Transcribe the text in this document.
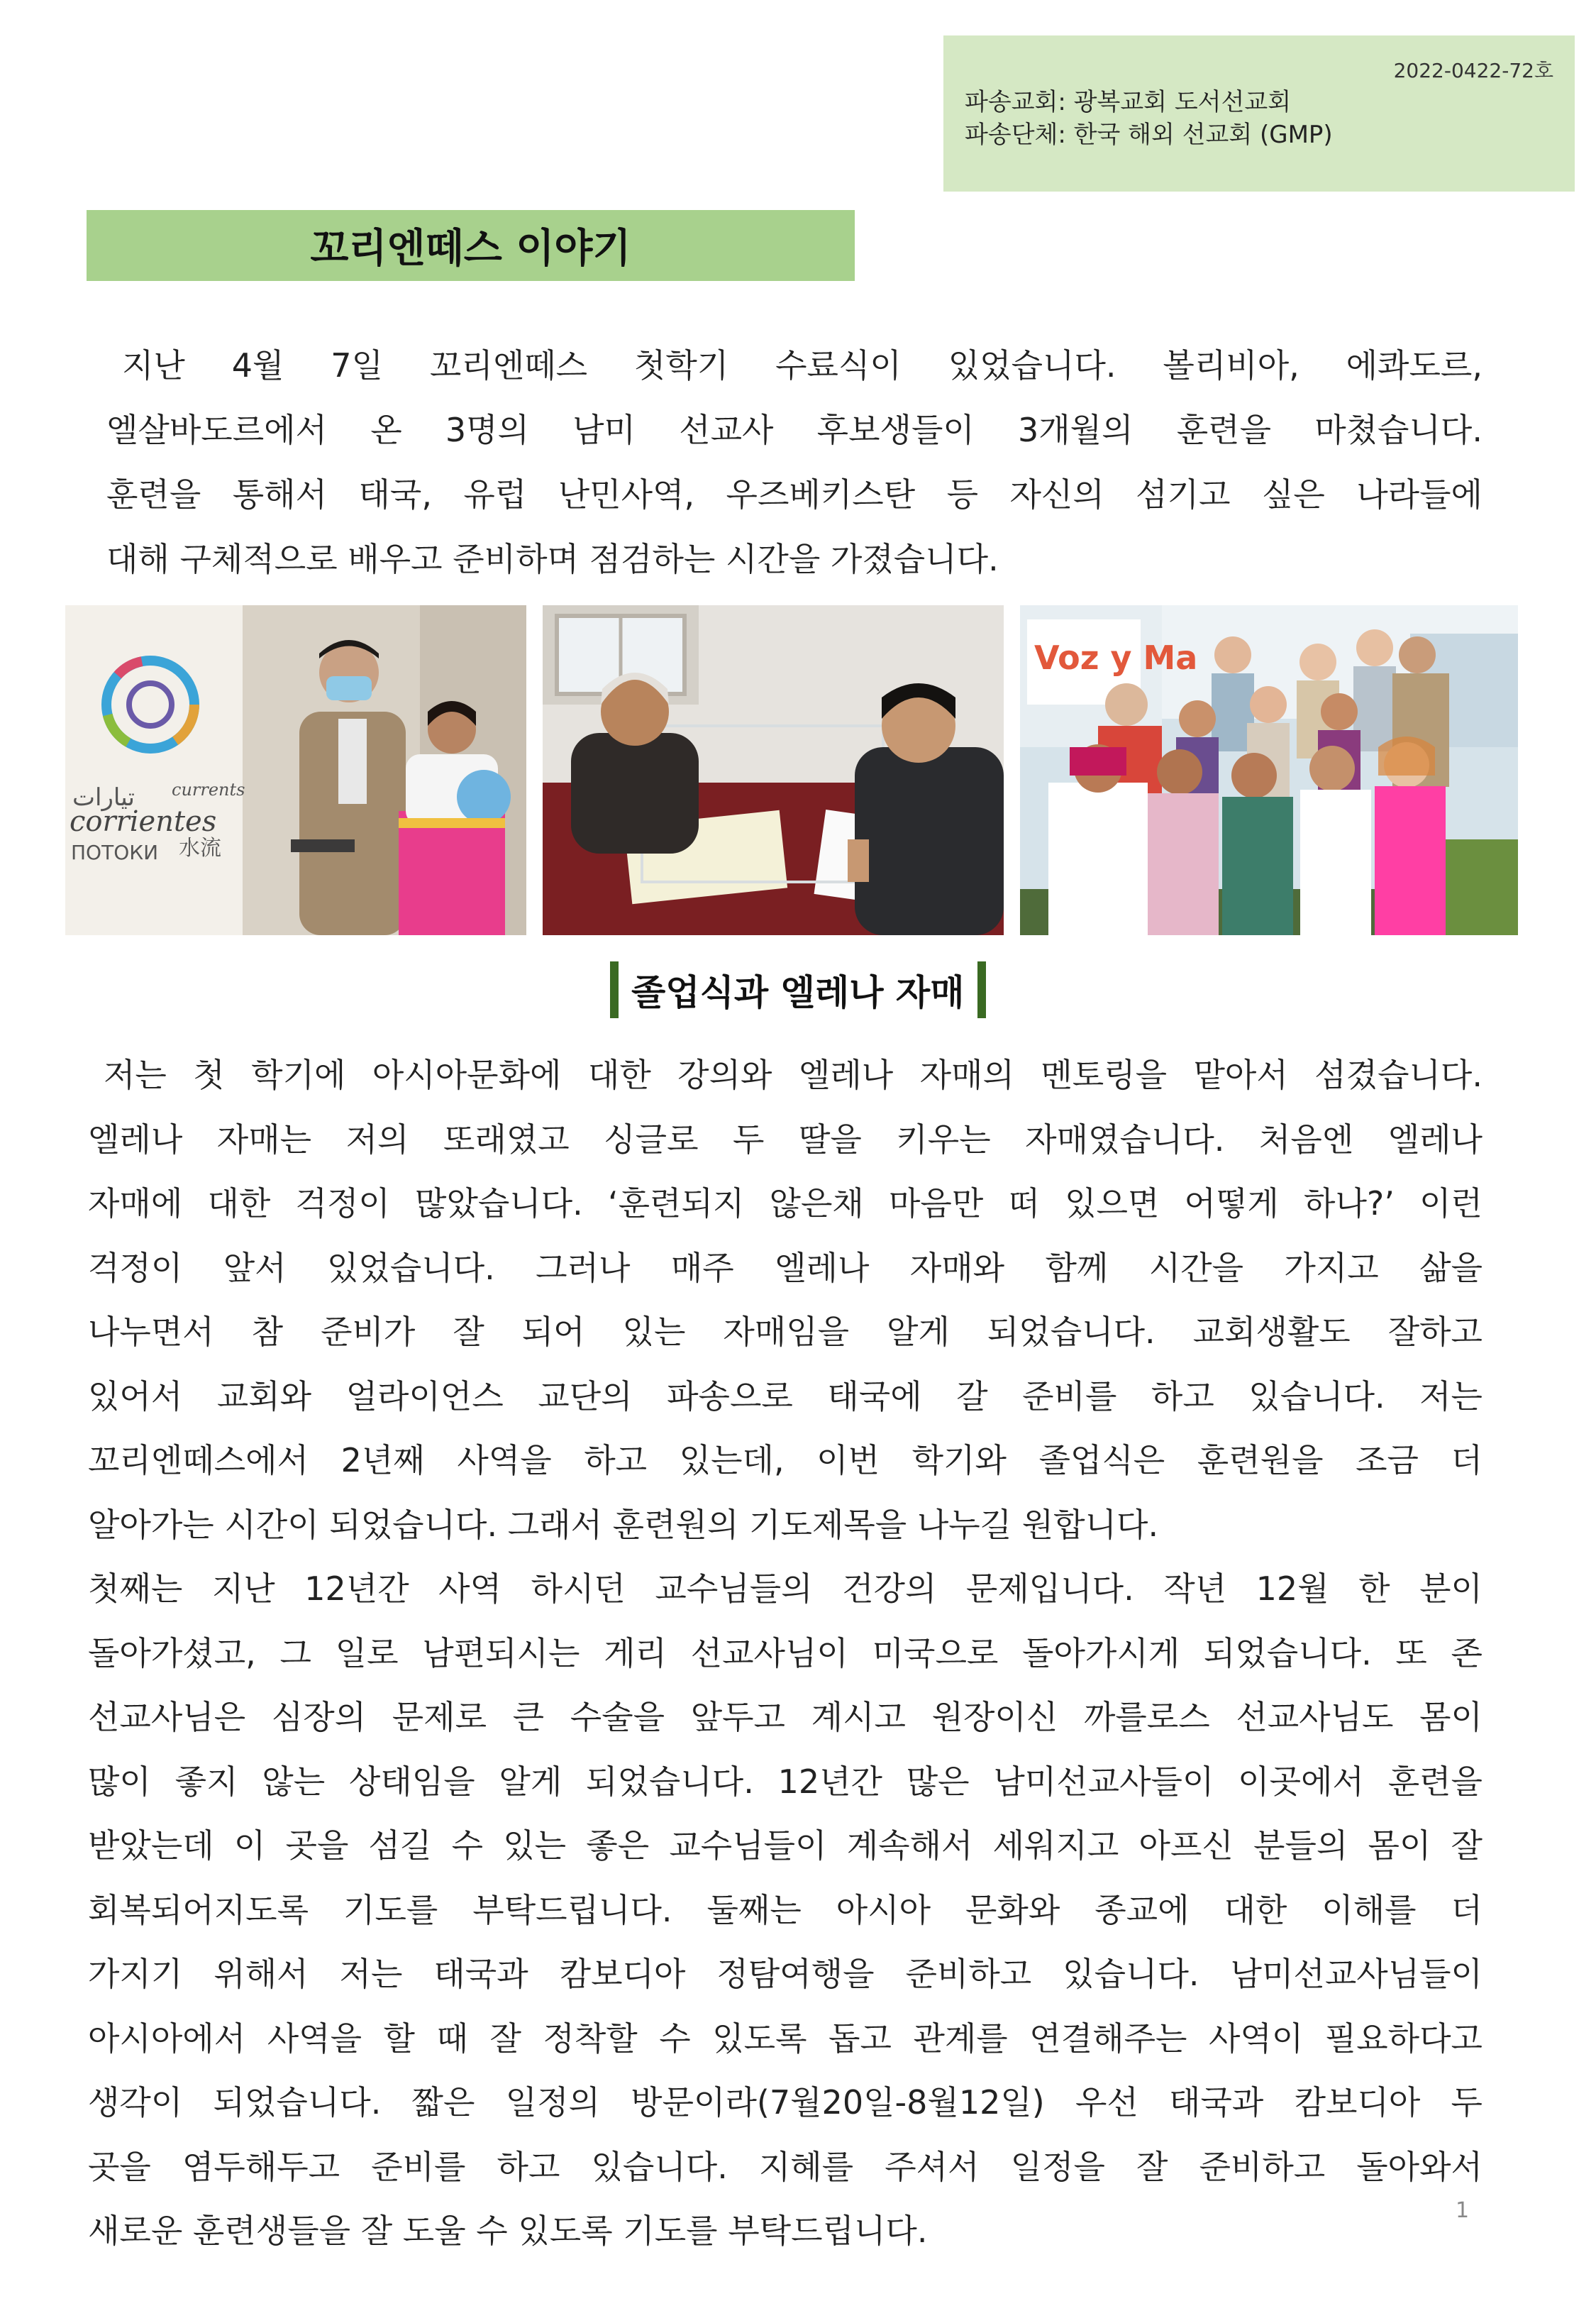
2022-0422-72호
파송교회: 광복교회 도서선교회
파송단체: 한국 해외 선교회 (GMP)
꼬리엔떼스 이야기

지난 4월 7일 꼬리엔떼스 첫학기 수료식이 있었습니다. 볼리비아, 에콰도르,

엘살바도르에서 온 3명의 남미 선교사 후보생들이 3개월의 훈련을 마쳤습니다.

훈련을 통해서 태국, 유럽 난민사역, 우즈베키스탄 등 자신의 섬기고 싶은 나라들에

대해 구체적으로 배우고 준비하며 점검하는 시간을 가졌습니다.

تيارات currents
corrientes
ПОТОКИ 水流
Voz y Ma
졸업식과 엘레나 자매

저는 첫 학기에 아시아문화에 대한 강의와 엘레나 자매의 멘토링을 맡아서 섬겼습니다.

엘레나 자매는 저의 또래였고 싱글로 두 딸을 키우는 자매였습니다. 처음엔 엘레나

자매에 대한 걱정이 많았습니다. ‘훈련되지 않은채 마음만 떠 있으면 어떻게 하나?’ 이런

걱정이 앞서 있었습니다. 그러나 매주 엘레나 자매와 함께 시간을 가지고 삶을

나누면서 참 준비가 잘 되어 있는 자매임을 알게 되었습니다. 교회생활도 잘하고

있어서 교회와 얼라이언스 교단의 파송으로 태국에 갈 준비를 하고 있습니다. 저는

꼬리엔떼스에서 2년째 사역을 하고 있는데, 이번 학기와 졸업식은 훈련원을 조금 더

알아가는 시간이 되었습니다. 그래서 훈련원의 기도제목을 나누길 원합니다.

첫째는 지난 12년간 사역 하시던 교수님들의 건강의 문제입니다. 작년 12월 한 분이

돌아가셨고, 그 일로 남편되시는 게리 선교사님이 미국으로 돌아가시게 되었습니다. 또 존

선교사님은 심장의 문제로 큰 수술을 앞두고 계시고 원장이신 까를로스 선교사님도 몸이

많이 좋지 않는 상태임을 알게 되었습니다. 12년간 많은 남미선교사들이 이곳에서 훈련을

받았는데 이 곳을 섬길 수 있는 좋은 교수님들이 계속해서 세워지고 아프신 분들의 몸이 잘

회복되어지도록 기도를 부탁드립니다. 둘째는 아시아 문화와 종교에 대한 이해를 더

가지기 위해서 저는 태국과 캄보디아 정탐여행을 준비하고 있습니다. 남미선교사님들이

아시아에서 사역을 할 때 잘 정착할 수 있도록 돕고 관계를 연결해주는 사역이 필요하다고

생각이 되었습니다. 짧은 일정의 방문이라(7월20일-8월12일) 우선 태국과 캄보디아 두

곳을 염두해두고 준비를 하고 있습니다. 지혜를 주셔서 일정을 잘 준비하고 돌아와서

새로운 훈련생들을 잘 도울 수 있도록 기도를 부탁드립니다.

1
